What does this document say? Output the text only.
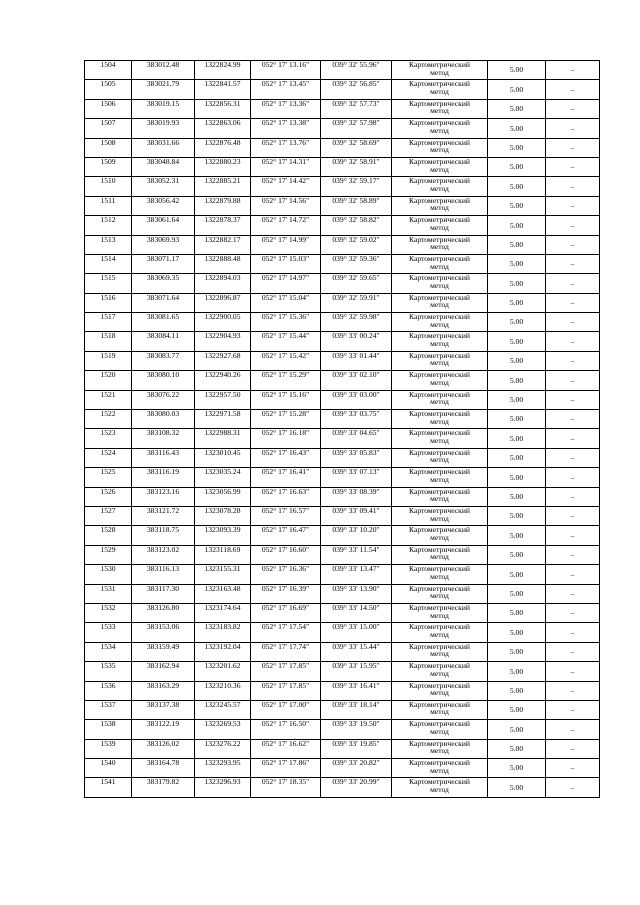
1504	383012.48	1322824.99	052° 17' 13.16"	039° 32' 55.96"	Картометрический
метод	5.00	–
1505	383021.79	1322841.57	052° 17' 13.45"	039° 32' 56.85"	Картометрический
метод	5.00	–
1506	383019.15	1322856.31	052° 17' 13.36"	039° 32' 57.73"	Картометрический
метод	5.00	–
1507	383019.93	1322863.06	052° 17' 13.38"	039° 32' 57.98"	Картометрический
метод	5.00	–
1508	383031.66	1322876.48	052° 17' 13.76"	039° 32' 58.69"	Картометрический
метод	5.00	–
1509	383048.84	1322880.23	052° 17' 14.31"	039° 32' 58.91"	Картометрический
метод	5.00	–
1510	383052.31	1322885.21	052° 17' 14.42"	039° 32' 59.17"	Картометрический
метод	5.00	–
1511	383056.42	1322879.88	052° 17' 14.56"	039° 32' 58.89"	Картометрический
метод	5.00	–
1512	383061.64	1322878.37	052° 17' 14.72"	039° 32' 58.82"	Картометрический
метод	5.00	–
1513	383069.93	1322882.17	052° 17' 14.99"	039° 32' 59.02"	Картометрический
метод	5.00	–
1514	383071.17	1322888.48	052° 17' 15.03"	039° 32' 59.36"	Картометрический
метод	5.00	–
1515	383069.35	1322894.03	052° 17' 14.97"	039° 32' 59.65"	Картометрический
метод	5.00	–
1516	383071.64	1322896.87	052° 17' 15.04"	039° 32' 59.91"	Картометрический
метод	5.00	–
1517	383081.65	1322900.05	052° 17' 15.36"	039° 32' 59.98"	Картометрический
метод	5.00	–
1518	383084.11	1322904.93	052° 17' 15.44"	039° 33' 00.24"	Картометрический
метод	5.00	–
1519	383083.77	1322927.68	052° 17' 15.42"	039° 33' 01.44"	Картометрический
метод	5.00	–
1520	383080.10	1322940.26	052° 17' 15.29"	039° 33' 02.10"	Картометрический
метод	5.00	–
1521	383076.22	1322957.50	052° 17' 15.16"	039° 33' 03.00"	Картометрический
метод	5.00	–
1522	383080.03	1322971.58	052° 17' 15.28"	039° 33' 03.75"	Картометрический
метод	5.00	–
1523	383108.32	1322988.31	052° 17' 16.18"	039° 33' 04.65"	Картометрический
метод	5.00	–
1524	383116.43	1323010.45	052° 17' 16.43"	039° 33' 05.83"	Картометрический
метод	5.00	–
1525	383116.19	1323035.24	052° 17' 16.41"	039° 33' 07.13"	Картометрический
метод	5.00	–
1526	383123.16	1323056.99	052° 17' 16.63"	039° 33' 08.39"	Картометрический
метод	5.00	–
1527	383121.72	1323078.28	052° 17' 16.57"	039° 33' 09.41"	Картометрический
метод	5.00	–
1528	383118.75	1323093.39	052° 17' 16.47"	039° 33' 10.20"	Картометрический
метод	5.00	–
1529	383123.02	1323118.69	052° 17' 16.60"	039° 33' 11.54"	Картометрический
метод	5.00	–
1530	383116.13	1323155.31	052° 17' 16.36"	039° 33' 13.47"	Картометрический
метод	5.00	–
1531	383117.30	1323163.48	052° 17' 16.39"	039° 33' 13.90"	Картометрический
метод	5.00	–
1532	383126.80	1323174.64	052° 17' 16.69"	039° 33' 14.50"	Картометрический
метод	5.00	–
1533	383153.06	1323183.82	052° 17' 17.54"	039° 33' 15.00"	Картометрический
метод	5.00	–
1534	383159.49	1323192.04	052° 17' 17.74"	039° 33' 15.44"	Картометрический
метод	5.00	–
1535	383162.94	1323201.62	052° 17' 17.85"	039° 33' 15.95"	Картометрический
метод	5.00	–
1536	383163.29	1323210.36	052° 17' 17.85"	039° 33' 16.41"	Картометрический
метод	5.00	–
1537	383137.38	1323245.57	052° 17' 17.00"	039° 33' 18.14"	Картометрический
метод	5.00	–
1538	383122.19	1323269.53	052° 17' 16.50"	039° 33' 19.50"	Картометрический
метод	5.00	–
1539	383126.02	1323276.22	052° 17' 16.62"	039° 33' 19.85"	Картометрический
метод	5.00	–
1540	383164.78	1323293.95	052° 17' 17.86"	039° 33' 20.82"	Картометрический
метод	5.00	–
1541	383179.82	1323296.93	052° 17' 18.35"	039° 33' 20.99"	Картометрический
метод	5.00	–
